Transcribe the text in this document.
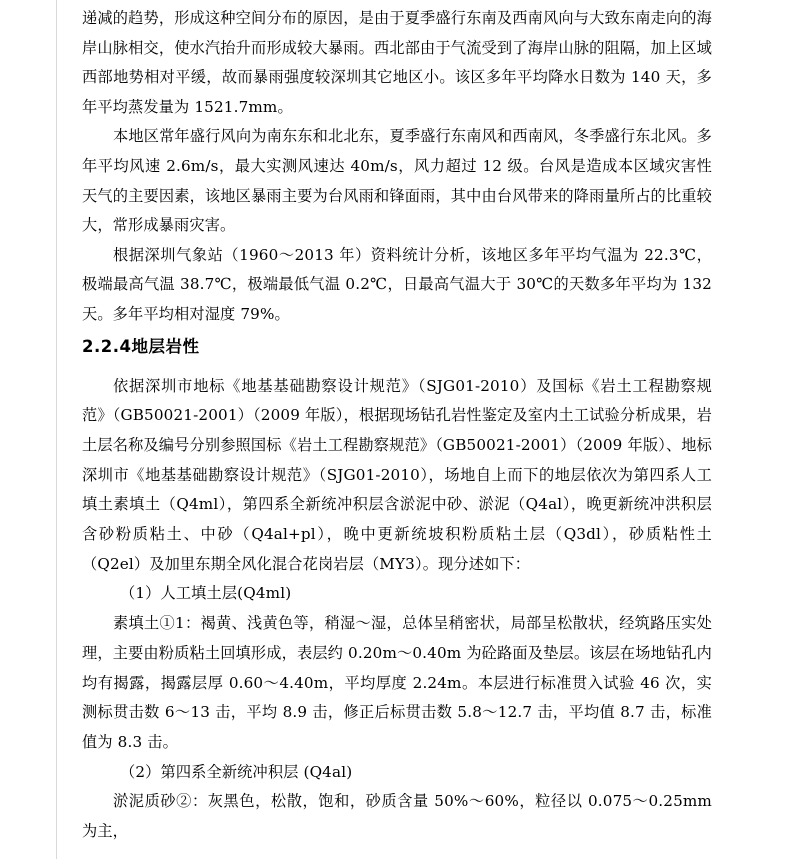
递减的趋势，形成这种空间分布的原因，是由于夏季盛行东南及西南风向与大致东南走向的海岸山脉相交，使水汽抬升而形成较大暴雨。西北部由于气流受到了海岸山脉的阻隔，加上区域西部地势相对平缓，故而暴雨强度较深圳其它地区小。该区多年平均降水日数为 140 天，多年平均蒸发量为 1521.7mm。

本地区常年盛行风向为南东东和北北东，夏季盛行东南风和西南风，冬季盛行东北风。多年平均风速 2.6m/s，最大实测风速达 40m/s，风力超过 12 级。台风是造成本区域灾害性天气的主要因素，该地区暴雨主要为台风雨和锋面雨，其中由台风带来的降雨量所占的比重较大，常形成暴雨灾害。

根据深圳气象站（1960～2013 年）资料统计分析，该地区多年平均气温为 22.3℃，极端最高气温 38.7℃，极端最低气温 0.2℃，日最高气温大于 30℃的天数多年平均为 132 天。多年平均相对湿度 79%。

2.2.4地层岩性

依据深圳市地标《地基基础勘察设计规范》（SJG01-2010）及国标《岩土工程勘察规范》（GB50021-2001）（2009 年版），根据现场钻孔岩性鉴定及室内土工试验分析成果，岩土层名称及编号分别参照国标《岩土工程勘察规范》（GB50021-2001）（2009 年版）、地标深圳市《地基基础勘察设计规范》（SJG01-2010），场地自上而下的地层依次为第四系人工填土素填土（Q4ml），第四系全新统冲积层含淤泥中砂、淤泥（Q4al），晚更新统冲洪积层含砂粉质粘土、中砂（Q4al+pl），晚中更新统坡积粉质粘土层（Q3dl），砂质粘性土（Q2el）及加里东期全风化混合花岗岩层（MΥ3）。现分述如下：

（1）人工填土层(Q4ml)

素填土①1：褐黄、浅黄色等，稍湿～湿，总体呈稍密状，局部呈松散状，经筑路压实处理，主要由粉质粘土回填形成，表层约 0.20m～0.40m 为砼路面及垫层。该层在场地钻孔内均有揭露，揭露层厚 0.60～4.40m，平均厚度 2.24m。本层进行标准贯入试验 46 次，实测标贯击数 6～13 击，平均 8.9 击，修正后标贯击数 5.8～12.7 击，平均值 8.7 击，标准值为 8.3 击。

（2）第四系全新统冲积层 (Q4al)

淤泥质砂②：灰黑色，松散，饱和，砂质含量 50%～60%，粒径以 0.075～0.25mm 为主，
